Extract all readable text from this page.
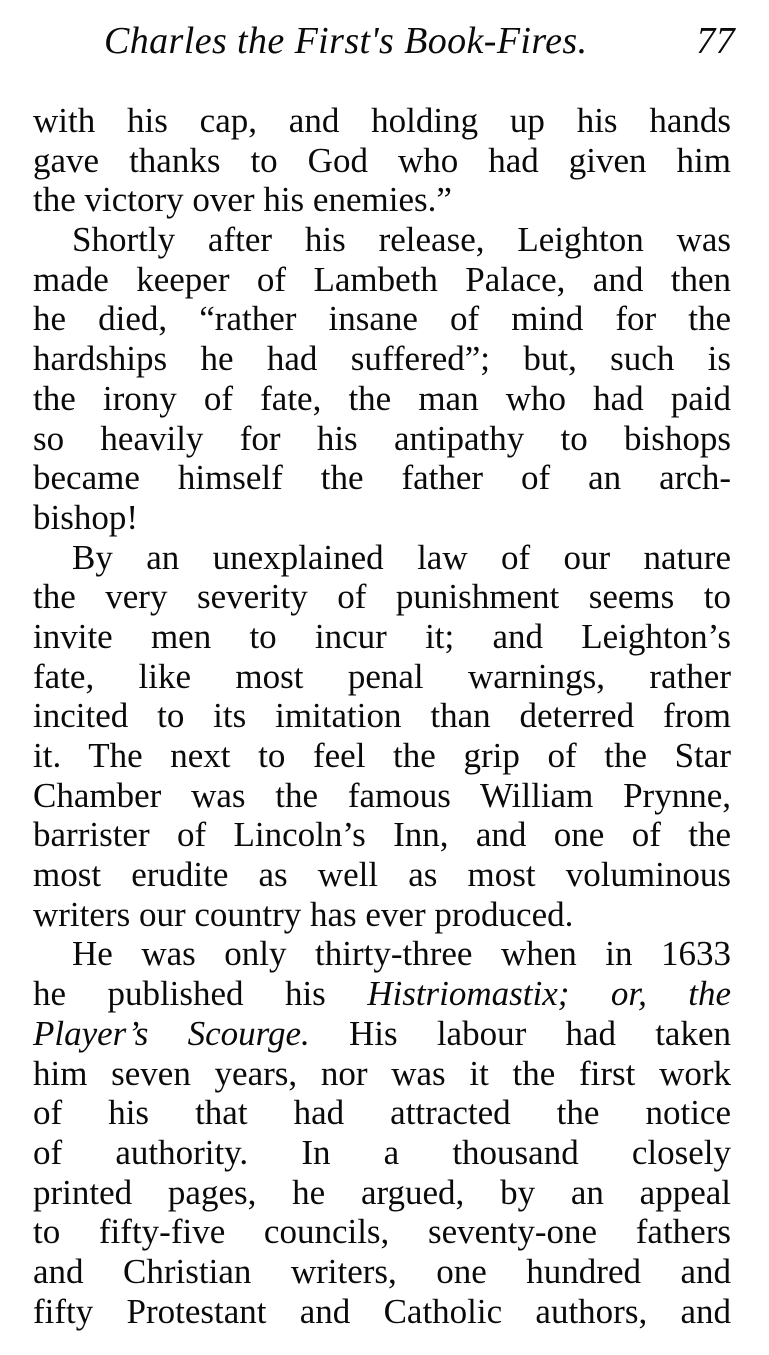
Charles the First's Book-Fires.	77
with his cap, and holding up his hands
gave thanks to God who had given him
the victory over his enemies.”
Shortly after his release, Leighton was
made keeper of Lambeth Palace, and then
he died, “rather insane of mind for the
hardships he had suffered”; but, such is
the irony of fate, the man who had paid
so heavily for his antipathy to bishops
became himself the father of an arch-
bishop!
By an unexplained law of our nature
the very severity of punishment seems to
invite men to incur it; and Leighton’s
fate, like most penal warnings, rather
incited to its imitation than deterred from
it. The next to feel the grip of the Star
Chamber was the famous William Prynne,
barrister of Lincoln’s Inn, and one of the
most erudite as well as most voluminous
writers our country has ever produced.
He was only thirty-three when in 1633
he published his Histriomastix; or, the
Player’s Scourge. His labour had taken
him seven years, nor was it the first work
of his that had attracted the notice
of authority. In a thousand closely
printed pages, he argued, by an appeal
to fifty-five councils, seventy-one fathers
and Christian writers, one hundred and
fifty Protestant and Catholic authors, and
